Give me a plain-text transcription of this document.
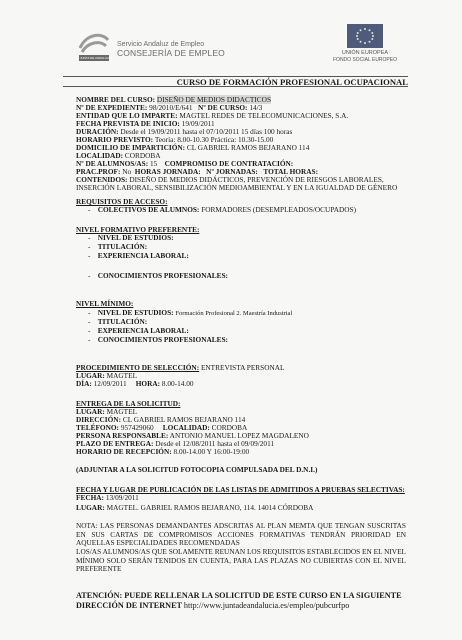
JUNTA DE ANDALUCIA
Servicio Andaluz de Empleo
CONSEJERÍA DE EMPLEO	UNIÓN EUROPEA
FONDO SOCIAL EUROPEO
CURSO DE FORMACIÓN PROFESIONAL OCUPACIONAL
NOMBRE DEL CURSO: DISEÑO DE MEDIOS DIDACTICOS
Nº DE EXPEDIENTE: 98/2010/E/641 Nº DE CURSO: 14/3
ENTIDAD QUE LO IMPARTE: MAGTEL REDES DE TELECOMUNICACIONES, S.A.
FECHA PREVISTA DE INICIO: 19/09/2011
DURACIÓN: Desde el 19/09/2011 hasta el 07/10/2011 15 días 100 horas
HORARIO PREVISTO: Teoría: 8.00-10.30 Práctica: 10.30-15.00
DOMICILIO DE IMPARTICIÓN: CL GABRIEL RAMOS BEJARANO 114
LOCALIDAD: CORDOBA
Nº DE ALUMNOS/AS: 15 COMPROMISO DE CONTRATACIÓN:
PRAC.PROF: No HORAS JORNADA: Nº JORNADAS: TOTAL HORAS:
CONTENIDOS: DISEÑO DE MEDIOS DIDÁCTICOS, PREVENCIÓN DE RIESGOS LABORALES,
INSERCIÓN LABORAL, SENSIBILIZACIÓN MEDIOAMBIENTAL Y EN LA IGUALDAD DE GÉNERO
REQUISITOS DE ACCESO:
- COLECTIVOS DE ALUMNOS: FORMADORES (DESEMPLEADOS/OCUPADOS)
NIVEL FORMATIVO PREFERENTE:
- NIVEL DE ESTUDIOS:
- TITULACIÓN:
- EXPERIENCIA LABORAL:
- CONOCIMIENTOS PROFESIONALES:
NIVEL MÍNIMO:
- NIVEL DE ESTUDIOS: Formación Profesional 2. Maestría Industrial
- TITULACIÓN:
- EXPERIENCIA LABORAL:
- CONOCIMIENTOS PROFESIONALES:
PROCEDIMIENTO DE SELECCIÓN: ENTREVISTA PERSONAL
LUGAR: MAGTEL
DÍA: 12/09/2011 HORA: 8.00-14.00
ENTREGA DE LA SOLICITUD:
LUGAR: MAGTEL
DIRECCIÓN: CL GABRIEL RAMOS BEJARANO 114
TELÉFONO: 957429060 LOCALIDAD: CORDOBA
PERSONA RESPONSABLE: ANTONIO MANUEL LOPEZ MAGDALENO
PLAZO DE ENTREGA: Desde el 12/08/2011 hasta el 09/09/2011
HORARIO DE RECEPCIÓN: 8.00-14.00 Y 16:00-19:00
(ADJUNTAR A LA SOLICITUD FOTOCOPIA COMPULSADA DEL D.N.I.)
FECHA Y LUGAR DE PUBLICACIÓN DE LAS LISTAS DE ADMITIDOS A PRUEBAS SELECTIVAS:
FECHA: 13/09/2011
LUGAR: MAGTEL. GABRIEL RAMOS BEJARANO, 114. 14014 CÓRDOBA
NOTA: LAS PERSONAS DEMANDANTES ADSCRITAS AL PLAN MEMTA QUE TENGAN SUSCRITAS EN SUS CARTAS DE COMPROMISOS ACCIONES FORMATIVAS TENDRÁN PRIORIDAD EN AQUELLAS ESPECIALIDADES RECOMENDADAS
LOS/AS ALUMNOS/AS QUE SOLAMENTE REUNAN LOS REQUISITOS ESTABLECIDOS EN EL NIVEL MÍNIMO SOLO SERÁN TENIDOS EN CUENTA, PARA LAS PLAZAS NO CUBIERTAS CON EL NIVEL PREFERENTE
ATENCIÓN: PUEDE RELLENAR LA SOLICITUD DE ESTE CURSO EN LA SIGUIENTE
DIRECCIÓN DE INTERNET http://www.juntadeandalucia.es/empleo/pubcurfpo
